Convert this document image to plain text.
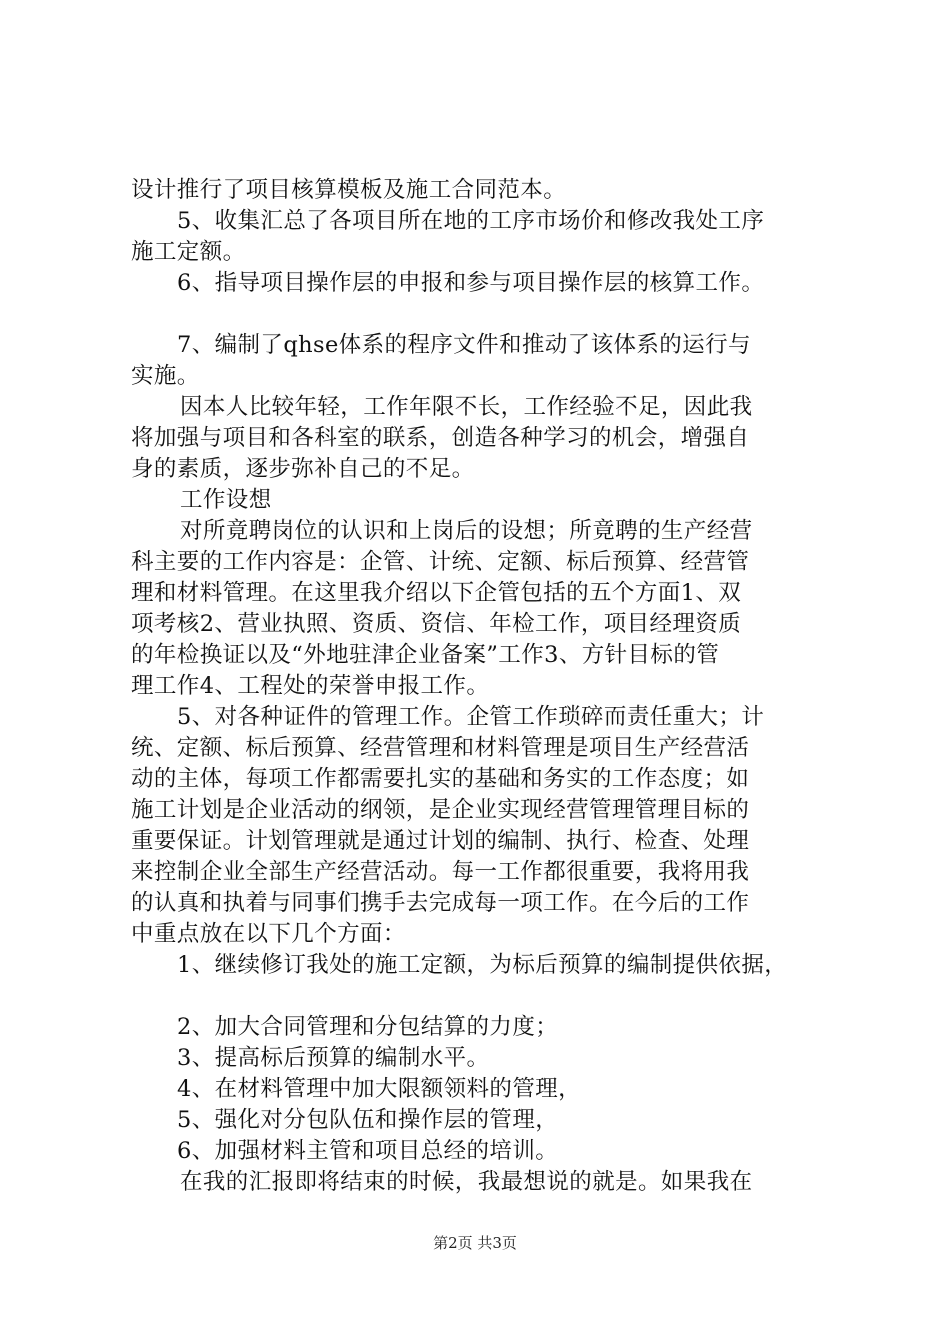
设计推行了项目核算模板及施工合同范本。
5、收集汇总了各项目所在地的工序市场价和修改我处工序
施工定额。
6、指导项目操作层的申报和参与项目操作层的核算工作。
7、编制了qhse体系的程序文件和推动了该体系的运行与
实施。
因本人比较年轻，工作年限不长，工作经验不足，因此我
将加强与项目和各科室的联系，创造各种学习的机会，增强自
身的素质，逐步弥补自己的不足。
工作设想
对所竟聘岗位的认识和上岗后的设想；所竟聘的生产经营
科主要的工作内容是：企管、计统、定额、标后预算、经营管
理和材料管理。在这里我介绍以下企管包括的五个方面1、双
项考核2、营业执照、资质、资信、年检工作，项目经理资质
的年检换证以及“外地驻津企业备案”工作3、方针目标的管
理工作4、工程处的荣誉申报工作。
5、对各种证件的管理工作。企管工作琐碎而责任重大；计
统、定额、标后预算、经营管理和材料管理是项目生产经营活
动的主体，每项工作都需要扎实的基础和务实的工作态度；如
施工计划是企业活动的纲领，是企业实现经营管理管理目标的
重要保证。计划管理就是通过计划的编制、执行、检查、处理
来控制企业全部生产经营活动。每一工作都很重要，我将用我
的认真和执着与同事们携手去完成每一项工作。在今后的工作
中重点放在以下几个方面：
1、继续修订我处的施工定额，为标后预算的编制提供依据，
2、加大合同管理和分包结算的力度；
3、提高标后预算的编制水平。
4、在材料管理中加大限额领料的管理，
5、强化对分包队伍和操作层的管理，
6、加强材料主管和项目总经的培训。
在我的汇报即将结束的时候，我最想说的就是。如果我在
第2页 共3页
